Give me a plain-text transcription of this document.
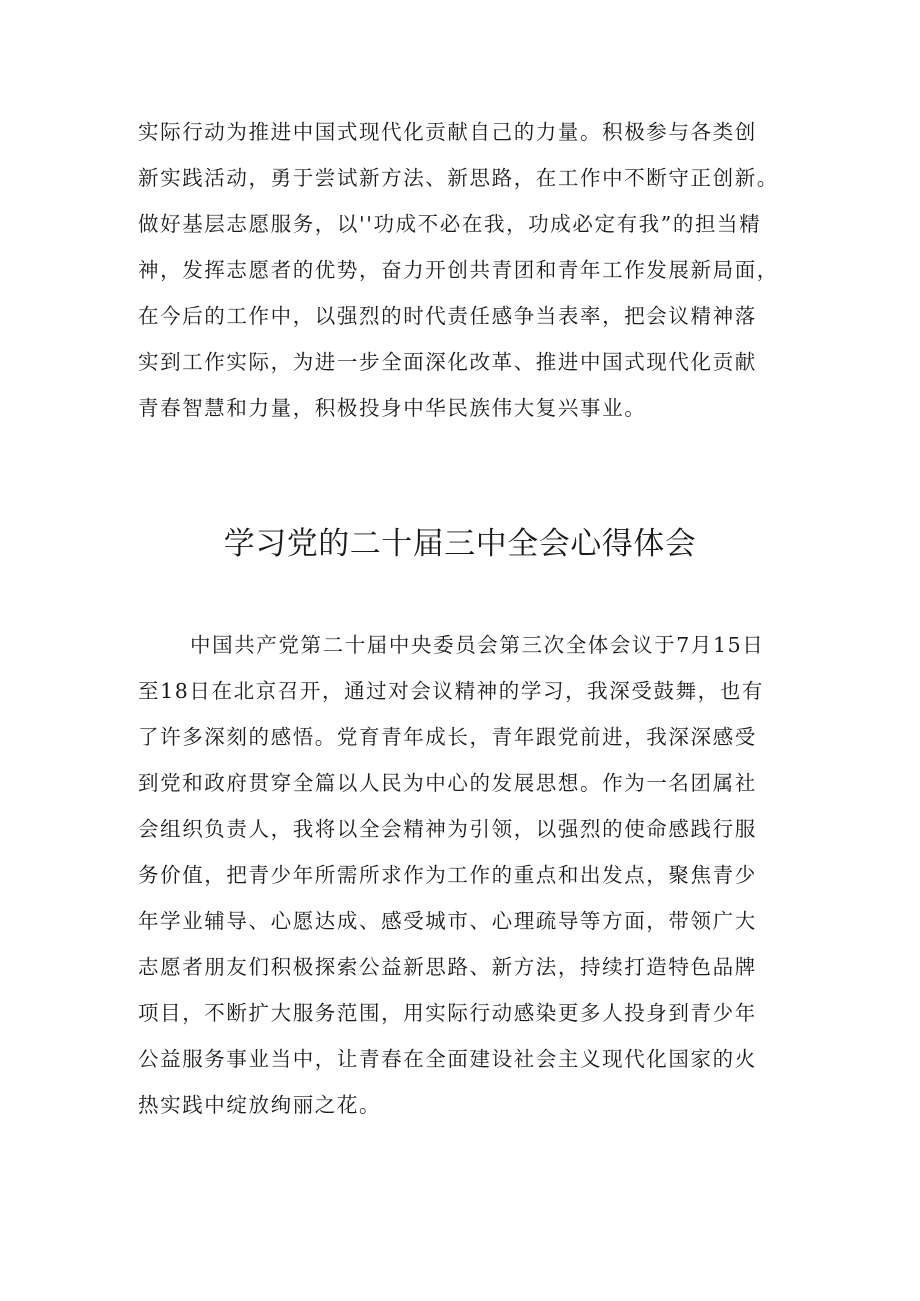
实际行动为推进中国式现代化贡献自己的力量。积极参与各类创
新实践活动，勇于尝试新方法、新思路，在工作中不断守正创新。
做好基层志愿服务，以''功成不必在我，功成必定有我”的担当精
神，发挥志愿者的优势，奋力开创共青团和青年工作发展新局面，
在今后的工作中，以强烈的时代责任感争当表率，把会议精神落
实到工作实际，为进一步全面深化改革、推进中国式现代化贡献
青春智慧和力量，积极投身中华民族伟大复兴事业。
学习党的二十届三中全会心得体会
中国共产党第二十届中央委员会第三次全体会议于7月15日
至18日在北京召开，通过对会议精神的学习，我深受鼓舞，也有
了许多深刻的感悟。党育青年成长，青年跟党前进，我深深感受
到党和政府贯穿全篇以人民为中心的发展思想。作为一名团属社
会组织负责人，我将以全会精神为引领，以强烈的使命感践行服
务价值，把青少年所需所求作为工作的重点和出发点，聚焦青少
年学业辅导、心愿达成、感受城市、心理疏导等方面，带领广大
志愿者朋友们积极探索公益新思路、新方法，持续打造特色品牌
项目，不断扩大服务范围，用实际行动感染更多人投身到青少年
公益服务事业当中，让青春在全面建设社会主义现代化国家的火
热实践中绽放绚丽之花。
